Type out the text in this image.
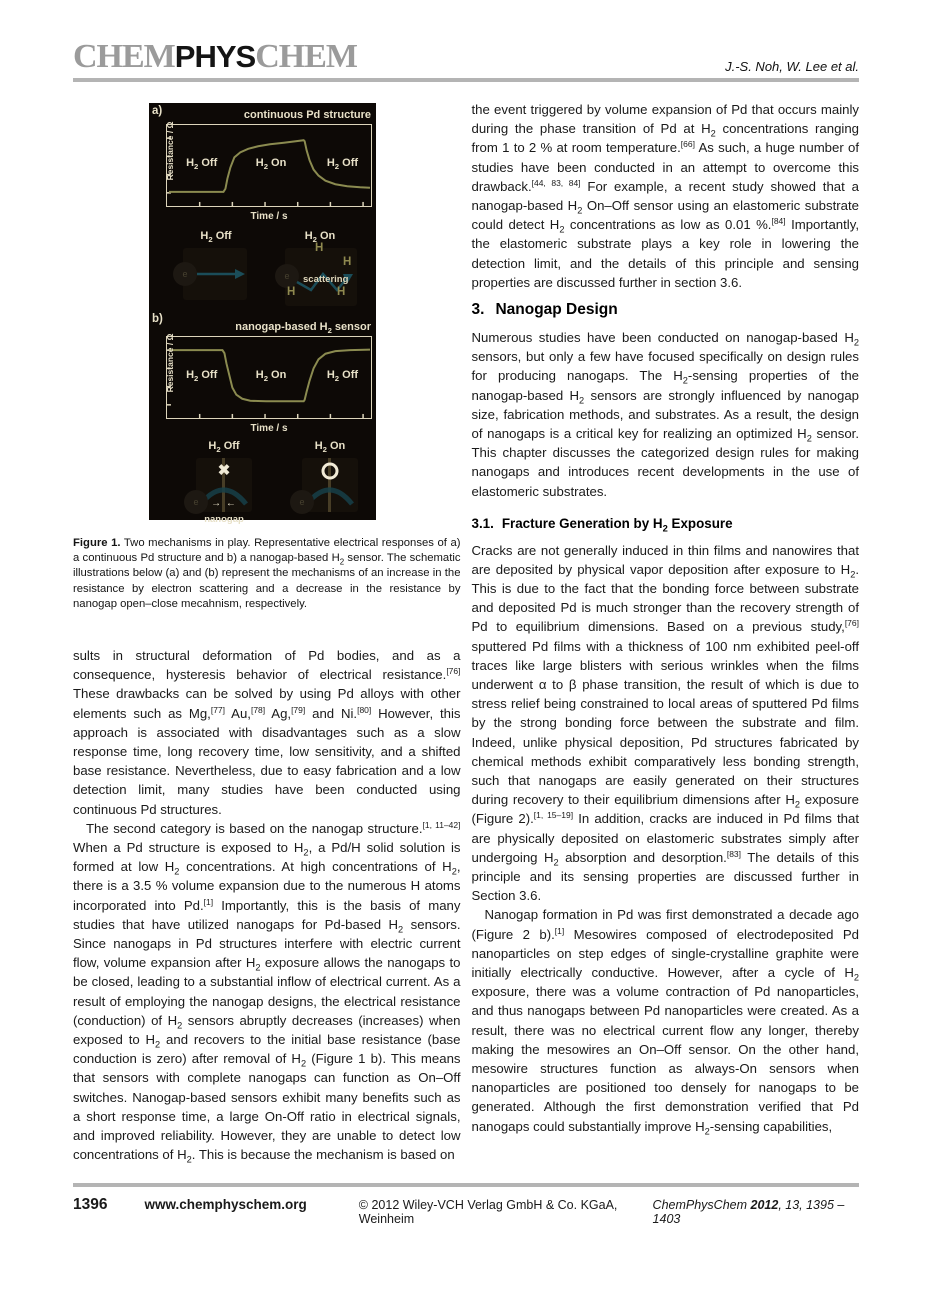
CHEMPHYSCHEM	J.-S. Noh, W. Lee et al.
a)	continuous Pd structure
$H_2$ Off	$H_2$ On	$H_2$ Off
Resistance / Ω
Time / s
$H_2$ Off	$H_2$ On
e	e
H
H
H	H
scattering
b)
nanogap-based $H_2$ sensor
$H_2$ Off	$H_2$ On	$H_2$ Off
Resistance / Ω
Time / s
$H_2$ Off	$H_2$ On
e
✖
→ ←
nanogap
e
Figure 1. Two mechanisms in play. Representative electrical responses of a) a continuous Pd structure and b) a nanogap-based $H_2$ sensor. The schematic illustrations below (a) and (b) represent the mechanisms of an increase in the resistance by electron scattering and a decrease in the resistance by nanogap open–close mecahnism, respectively.

sults in structural deformation of Pd bodies, and as a consequence, hysteresis behavior of electrical resistance.[76] These drawbacks can be solved by using Pd alloys with other elements such as Mg,[77] Au,[78] Ag,[79] and Ni.[80] However, this approach is associated with disadvantages such as a slow response time, long recovery time, low sensitivity, and a shifted base resistance. Nevertheless, due to easy fabrication and a low detection limit, many studies have been conducted using continuous Pd structures.

The second category is based on the nanogap structure.[1, 11–42] When a Pd structure is exposed to $H_2$, a Pd/H solid solution is formed at low $H_2$ concentrations. At high concentrations of $H_2$, there is a 3.5 % volume expansion due to the numerous H atoms incorporated into Pd.[1] Importantly, this is the basis of many studies that have utilized nanogaps for Pd-based $H_2$ sensors. Since nanogaps in Pd structures interfere with electric current flow, volume expansion after $H_2$ exposure allows the nanogaps to be closed, leading to a substantial inflow of electrical current. As a result of employing the nanogap designs, the electrical resistance (conduction) of $H_2$ sensors abruptly decreases (increases) when exposed to $H_2$ and recovers to the initial base resistance (base conduction is zero) after removal of $H_2$ (Figure 1 b). This means that sensors with complete nanogaps can function as On–Off switches. Nanogap-based sensors exhibit many benefits such as a short response time, a large On-Off ratio in electrical signals, and improved reliability. However, they are unable to detect low concentrations of $H_2$. This is because the mechanism is based on

the event triggered by volume expansion of Pd that occurs mainly during the phase transition of Pd at $H_2$ concentrations ranging from 1 to 2 % at room temperature.[66] As such, a huge number of studies have been conducted in an attempt to overcome this drawback.[44, 83, 84] For example, a recent study showed that a nanogap-based $H_2$ On–Off sensor using an elastomeric substrate could detect $H_2$ concentrations as low as 0.01 %.[84] Importantly, the elastomeric substrate plays a key role in lowering the detection limit, and the details of this principle and sensing properties are discussed further in section 3.6.

3. Nanogap Design

Numerous studies have been conducted on nanogap-based $H_2$ sensors, but only a few have focused specifically on design rules for producing nanogaps. The $H_2$-sensing properties of the nanogap-based $H_2$ sensors are strongly influenced by nanogap size, fabrication methods, and substrates. As a result, the design of nanogaps is a critical key for realizing an optimized $H_2$ sensor. This chapter discusses the categorized design rules for making nanogaps and introduces recent developments in the use of elastomeric substrates.

3.1. Fracture Generation by $H_2$ Exposure

Cracks are not generally induced in thin films and nanowires that are deposited by physical vapor deposition after exposure to $H_2$. This is due to the fact that the bonding force between substrate and deposited Pd is much stronger than the recovery strength of Pd to equilibrium dimensions. Based on a previous study,[76] sputtered Pd films with a thickness of 100 nm exhibited peel-off traces like large blisters with serious wrinkles when the films underwent α to β phase transition, the result of which is due to stress relief being constrained to local areas of sputtered Pd films by the strong bonding force between the substrate and film. Indeed, unlike physical deposition, Pd structures fabricated by chemical methods exhibit comparatively less bonding strength, such that nanogaps are easily generated on their structures during recovery to their equilibrium dimensions after $H_2$ exposure (Figure 2).[1, 15–19] In addition, cracks are induced in Pd films that are physically deposited on elastomeric substrates simply after undergoing $H_2$ absorption and desorption.[83] The details of this principle and its sensing properties are discussed further in Section 3.6.

Nanogap formation in Pd was first demonstrated a decade ago (Figure 2 b).[1] Mesowires composed of electrodeposited Pd nanoparticles on step edges of single-crystalline graphite were initially electrically conductive. However, after a cycle of $H_2$ exposure, there was a volume contraction of Pd nanoparticles, and thus nanogaps between Pd nanoparticles were created. As a result, there was no electrical current flow any longer, thereby making the mesowires an On–Off sensor. On the other hand, mesowire structures function as always-On sensors when nanoparticles are positioned too densely for nanogaps to be generated. Although the first demonstration verified that Pd nanogaps could substantially improve $H_2$-sensing capabilities,

1396	www.chemphyschem.org	© 2012 Wiley-VCH Verlag GmbH & Co. KGaA, Weinheim
ChemPhysChem 2012, 13, 1395 – 1403
